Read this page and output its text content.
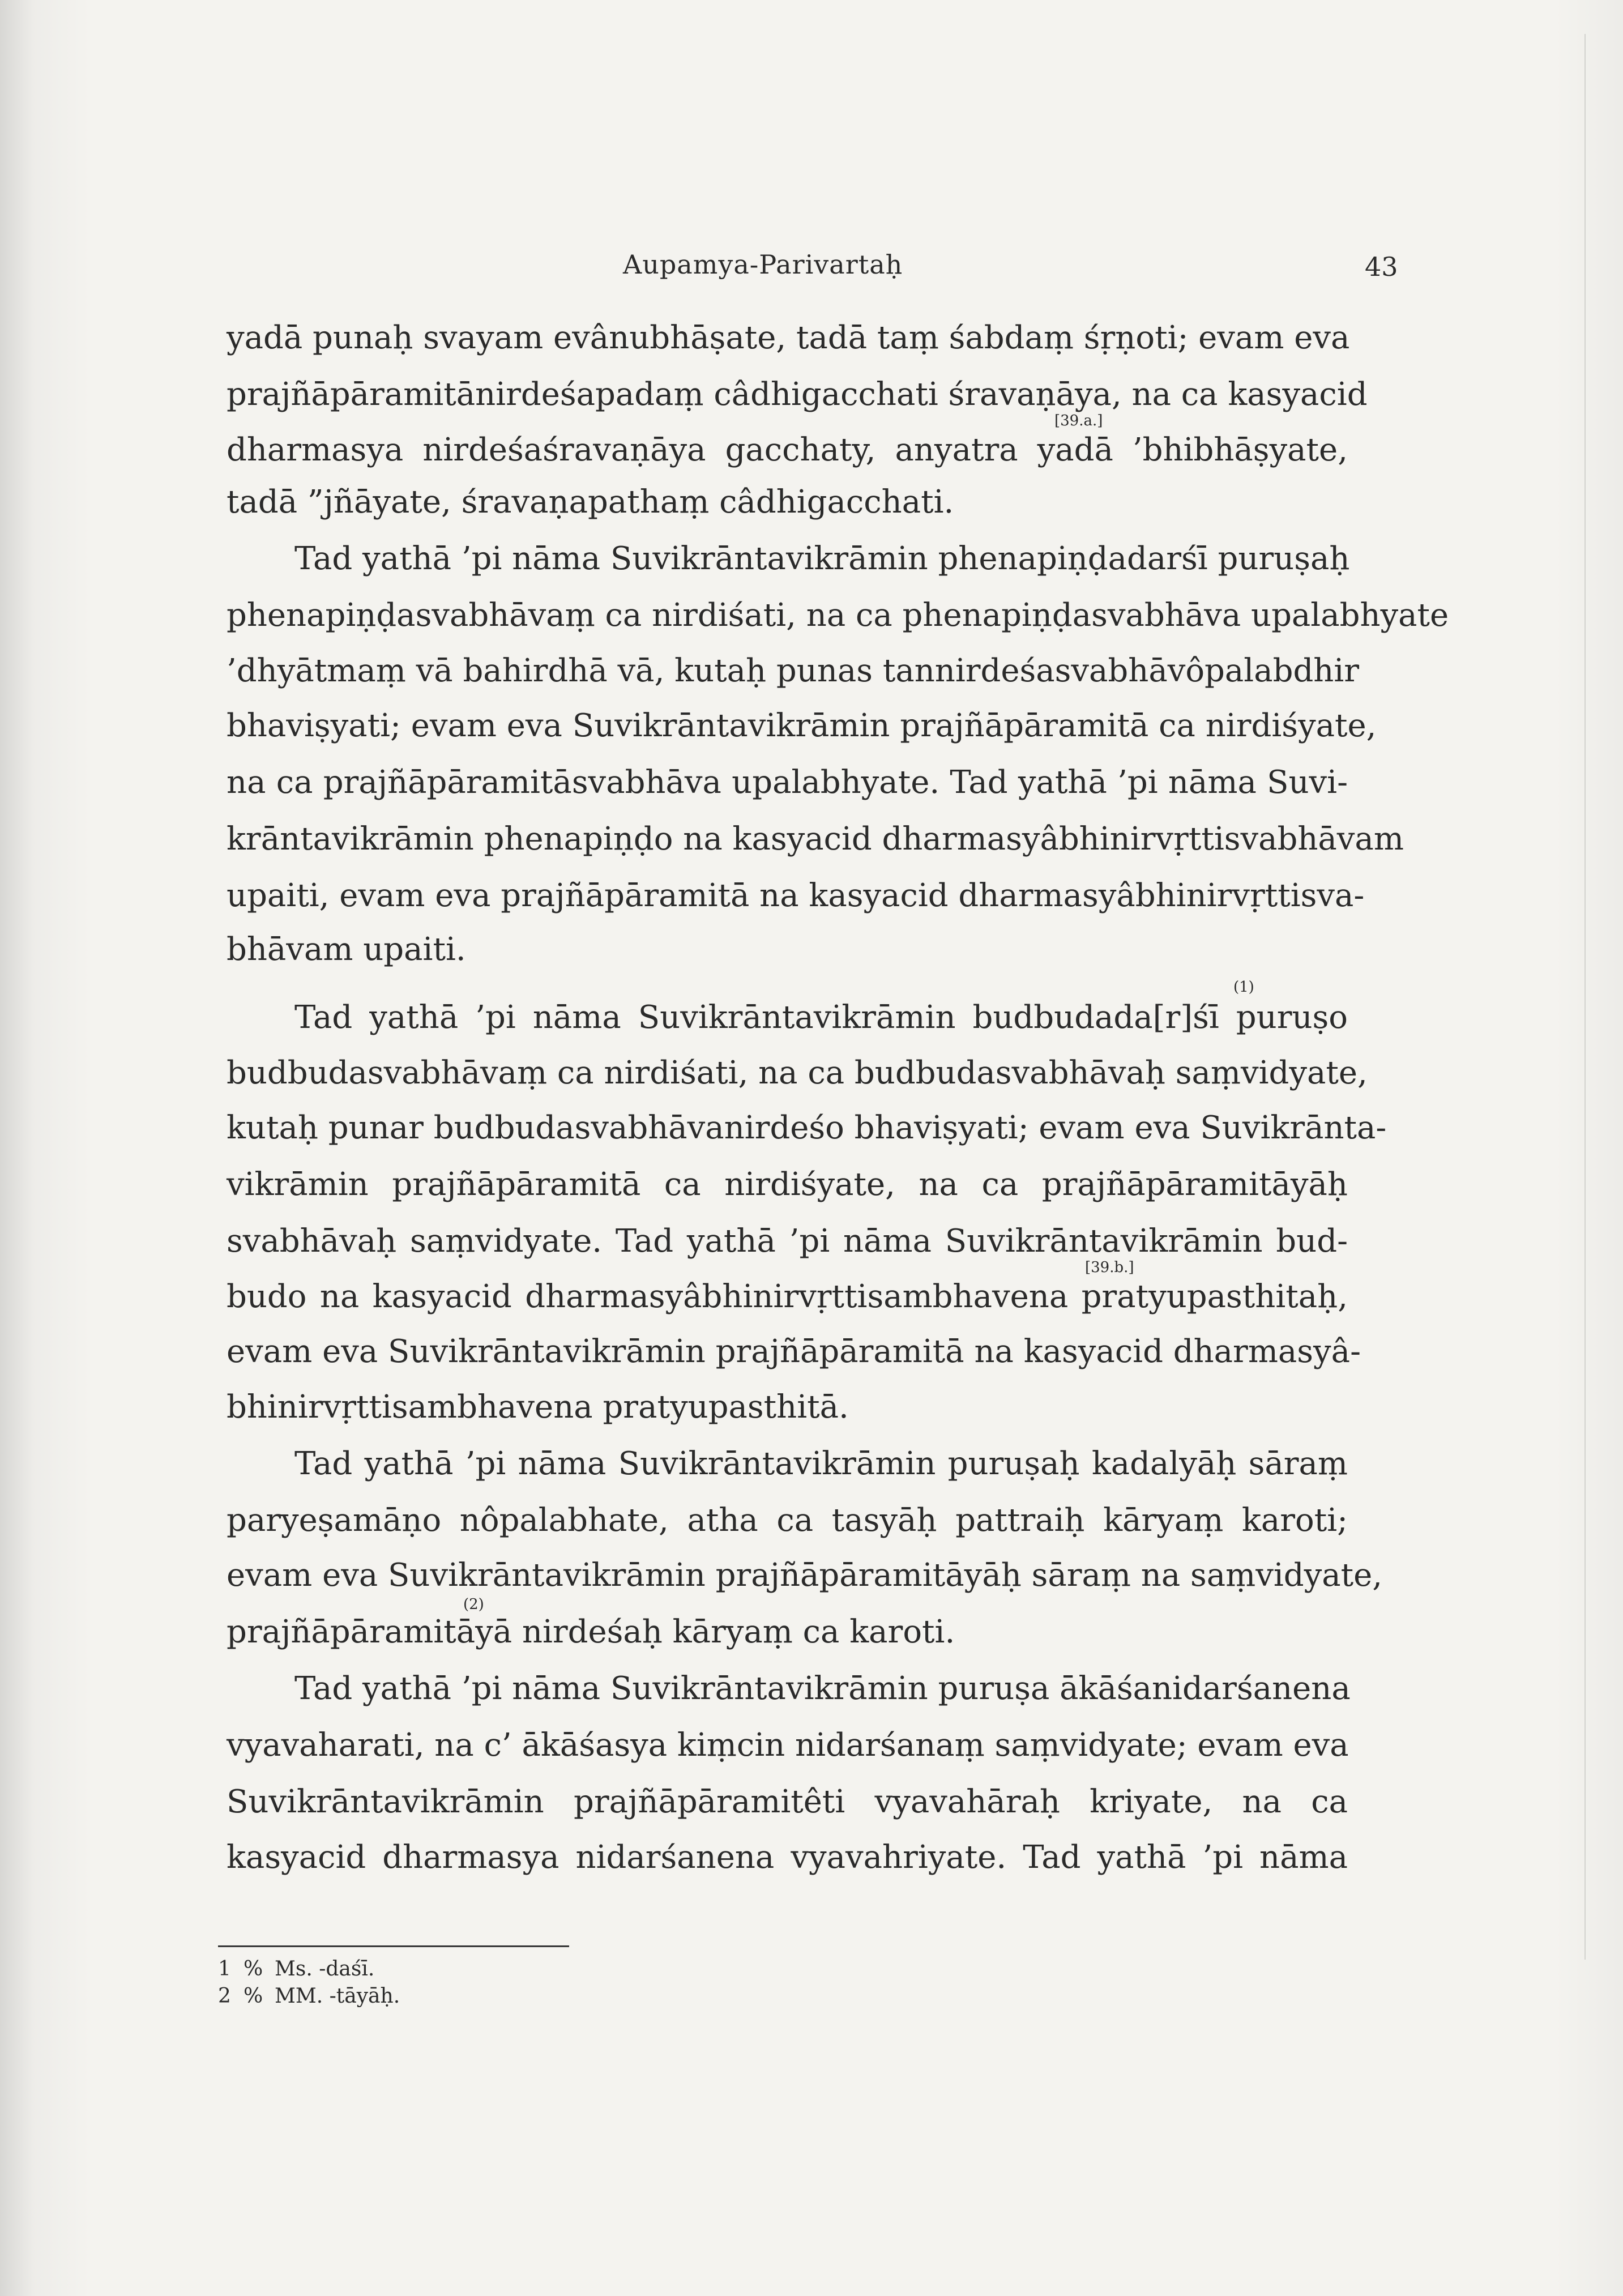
Aupamya-Parivartaḥ	43
yadā punaḥ svayam evânubhāṣate, tadā taṃ śabdaṃ śṛṇoti; evam eva
prajñāpāramitānirdeśapadaṃ câdhigacchati śravaṇāya, na ca kasyacid
[39.a.]
dharmasya nirdeśaśravaṇāya gacchaty, anyatra yadā ’bhibhāṣyate,
tadā ”jñāyate, śravaṇapathaṃ câdhigacchati.
Tad yathā ’pi nāma Suvikrāntavikrāmin phenapiṇḍadarśī puruṣaḥ
phenapiṇḍasvabhāvaṃ ca nirdiśati, na ca phenapiṇḍasvabhāva upalabhyate
’dhyātmaṃ vā bahirdhā vā, kutaḥ punas tannirdeśasvabhāvôpalabdhir
bhaviṣyati; evam eva Suvikrāntavikrāmin prajñāpāramitā ca nirdiśyate,
na ca prajñāpāramitāsvabhāva upalabhyate. Tad yathā ’pi nāma Suvi-
krāntavikrāmin phenapiṇḍo na kasyacid dharmasyâbhinirvṛttisvabhāvam
upaiti, evam eva prajñāpāramitā na kasyacid dharmasyâbhinirvṛttisva-
bhāvam upaiti.
(1)
Tad yathā ’pi nāma Suvikrāntavikrāmin budbudada[r]śī puruṣo
budbudasvabhāvaṃ ca nirdiśati, na ca budbudasvabhāvaḥ saṃvidyate,
kutaḥ punar budbudasvabhāvanirdeśo bhaviṣyati; evam eva Suvikrānta-
vikrāmin prajñāpāramitā ca nirdiśyate, na ca prajñāpāramitāyāḥ
svabhāvaḥ saṃvidyate. Tad yathā ’pi nāma Suvikrāntavikrāmin bud-
[39.b.]
budo na kasyacid dharmasyâbhinirvṛttisambhavena pratyupasthitaḥ,
evam eva Suvikrāntavikrāmin prajñāpāramitā na kasyacid dharmasyâ-
bhinirvṛttisambhavena pratyupasthitā.
Tad yathā ’pi nāma Suvikrāntavikrāmin puruṣaḥ kadalyāḥ sāraṃ
paryeṣamāṇo nôpalabhate, atha ca tasyāḥ pattraiḥ kāryaṃ karoti;
evam eva Suvikrāntavikrāmin prajñāpāramitāyāḥ sāraṃ na saṃvidyate,
(2)
prajñāpāramitāyā nirdeśaḥ kāryaṃ ca karoti.
Tad yathā ’pi nāma Suvikrāntavikrāmin puruṣa ākāśanidarśanena
vyavaharati, na c’ ākāśasya kiṃcin nidarśanaṃ saṃvidyate; evam eva
Suvikrāntavikrāmin prajñāpāramitêti vyavahāraḥ kriyate, na ca
kasyacid dharmasya nidarśanena vyavahriyate. Tad yathā ’pi nāma
1 % Ms. -daśī.
2 % MM. -tāyāḥ.
